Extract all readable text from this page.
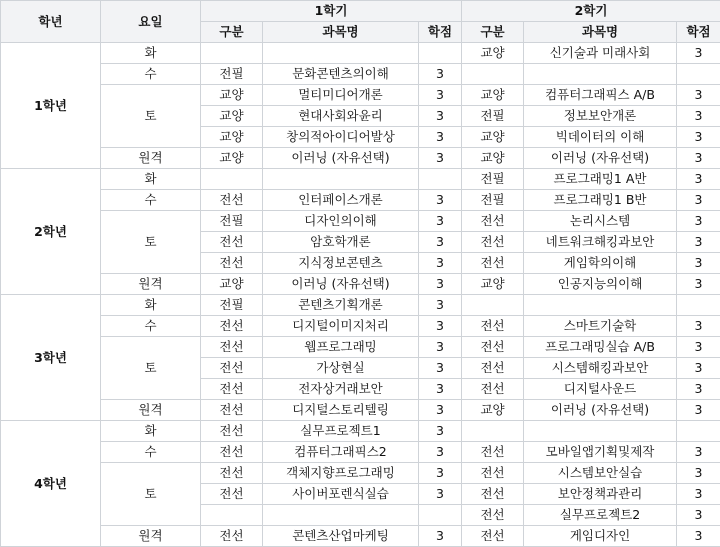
학년	요일	1학기			2학기		
		구분	과목명	학점	구분	과목명	학점
1학년	화				교양	신기술과 미래사회	3
	수	전필	문화콘텐츠의이해	3			
	토	교양	멀티미디어개론	3	교양	컴퓨터그래픽스 A/B	3
		교양	현대사회와윤리	3	전필	정보보안개론	3
		교양	창의적아이디어발상	3	교양	빅데이터의 이해	3
	원격	교양	이러닝 (자유선택)	3	교양	이러닝 (자유선택)	3
2학년	화				전필	프로그래밍1 A반	3
	수	전선	인터페이스개론	3	전필	프로그래밍1 B반	3
	토	전필	디자인의이해	3	전선	논리시스템	3
		전선	암호학개론	3	전선	네트워크해킹과보안	3
		전선	지식정보콘텐츠	3	전선	게임학의이해	3
	원격	교양	이러닝 (자유선택)	3	교양	인공지능의이해	3
3학년	화	전필	콘텐츠기획개론	3			
	수	전선	디지털이미지처리	3	전선	스마트기술학	3
	토	전선	웹프로그래밍	3	전선	프로그래밍실습 A/B	3
		전선	가상현실	3	전선	시스템해킹과보안	3
		전선	전자상거래보안	3	전선	디지털사운드	3
	원격	전선	디지털스토리텔링	3	교양	이러닝 (자유선택)	3
4학년	화	전선	실무프로젝트1	3			
	수	전선	컴퓨터그래픽스2	3	전선	모바일앱기획및제작	3
	토	전선	객체지향프로그래밍	3	전선	시스템보안실습	3
		전선	사이버포렌식실습	3	전선	보안정책과관리	3
					전선	실무프로젝트2	3
	원격	전선	콘텐츠산업마케팅	3	전선	게임디자인	3
